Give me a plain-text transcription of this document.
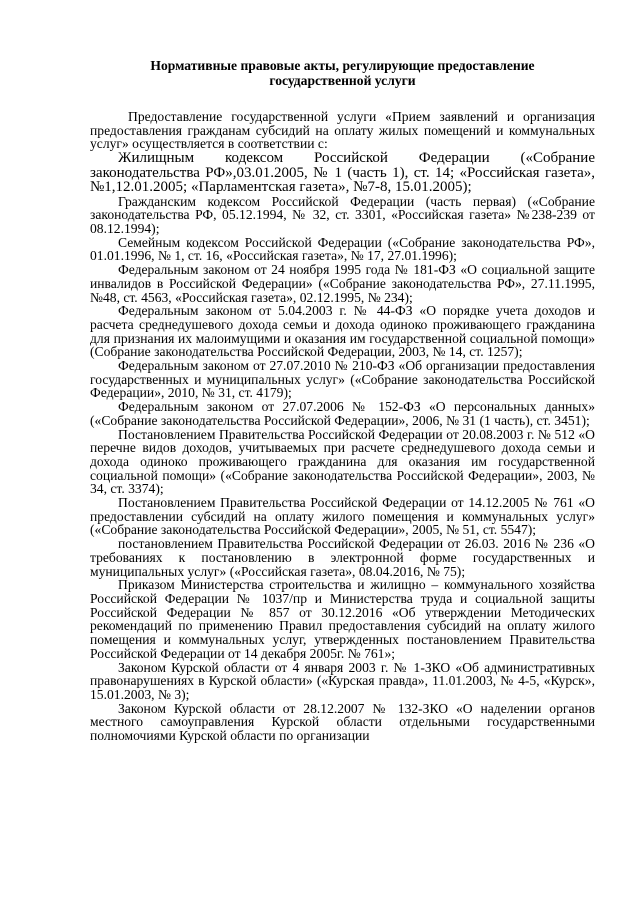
Нормативные правовые акты, регулирующие предоставление
государственной услуги

Предоставление государственной услуги «Прием заявлений и организация предоставления гражданам субсидий на оплату жилых помещений и коммунальных услуг» осуществляется в соответствии с:

Жилищным кодексом Российской Федерации («Собрание законодательства РФ»,03.01.2005, № 1 (часть 1), ст. 14; «Российская газета»,№1,12.01.2005; «Парламентская газета», №7-8, 15.01.2005);

Гражданским кодексом Российской Федерации (часть первая) («Собрание законодательства РФ, 05.12.1994, № 32, ст. 3301, «Российская газета» №238-239 от 08.12.1994);

Семейным кодексом Российской Федерации («Собрание законодательства РФ», 01.01.1996, № 1, ст. 16, «Российская газета», № 17, 27.01.1996);

Федеральным законом от 24 ноября 1995 года № 181-ФЗ «О социальной защите инвалидов в Российской Федерации» («Собрание законодательства РФ», 27.11.1995, №48, ст. 4563, «Российская газета», 02.12.1995, № 234);

Федеральным законом от 5.04.2003 г. № 44-ФЗ «О порядке учета доходов и расчета среднедушевого дохода семьи и дохода одиноко проживающего гражданина для признания их малоимущими и оказания им государственной социальной помощи» (Собрание законодательства Российской Федерации, 2003, № 14, ст. 1257);

Федеральным законом от 27.07.2010 № 210-ФЗ «Об организации предоставления государственных и муниципальных услуг» («Собрание законодательства Российской Федерации», 2010, № 31, ст. 4179);

Федеральным законом от 27.07.2006 № 152-ФЗ «О персональных данных» («Собрание законодательства Российской Федерации», 2006, № 31 (1 часть), ст. 3451);

Постановлением Правительства Российской Федерации от 20.08.2003 г. № 512 «О перечне видов доходов, учитываемых при расчете среднедушевого дохода семьи и дохода одиноко проживающего гражданина для оказания им государственной социальной помощи» («Собрание законодательства Российской Федерации», 2003, № 34, ст. 3374);

Постановлением Правительства Российской Федерации от 14.12.2005 № 761 «О предоставлении субсидий на оплату жилого помещения и коммунальных услуг» («Собрание законодательства Российской Федерации», 2005, № 51, ст. 5547);

постановлением Правительства Российской Федерации от 26.03. 2016 № 236 «О требованиях к постановлению в электронной форме государственных и муниципальных услуг» («Российская газета», 08.04.2016, № 75);

Приказом Министерства строительства и жилищно – коммунального хозяйства Российской Федерации № 1037/пр и Министерства труда и социальной защиты Российской Федерации № 857 от 30.12.2016 «Об утверждении Методических рекомендаций по применению Правил предоставления субсидий на оплату жилого помещения и коммунальных услуг, утвержденных постановлением Правительства Российской Федерации от 14 декабря 2005г. № 761»;

Законом Курской области от 4 января 2003 г. № 1-ЗКО «Об административных правонарушениях в Курской области» («Курская правда», 11.01.2003, № 4-5, «Курск», 15.01.2003, № 3);

Законом Курской области от 28.12.2007 № 132-ЗКО «О наделении органов местного самоуправления Курской области отдельными государственными полномочиями Курской области по организации
